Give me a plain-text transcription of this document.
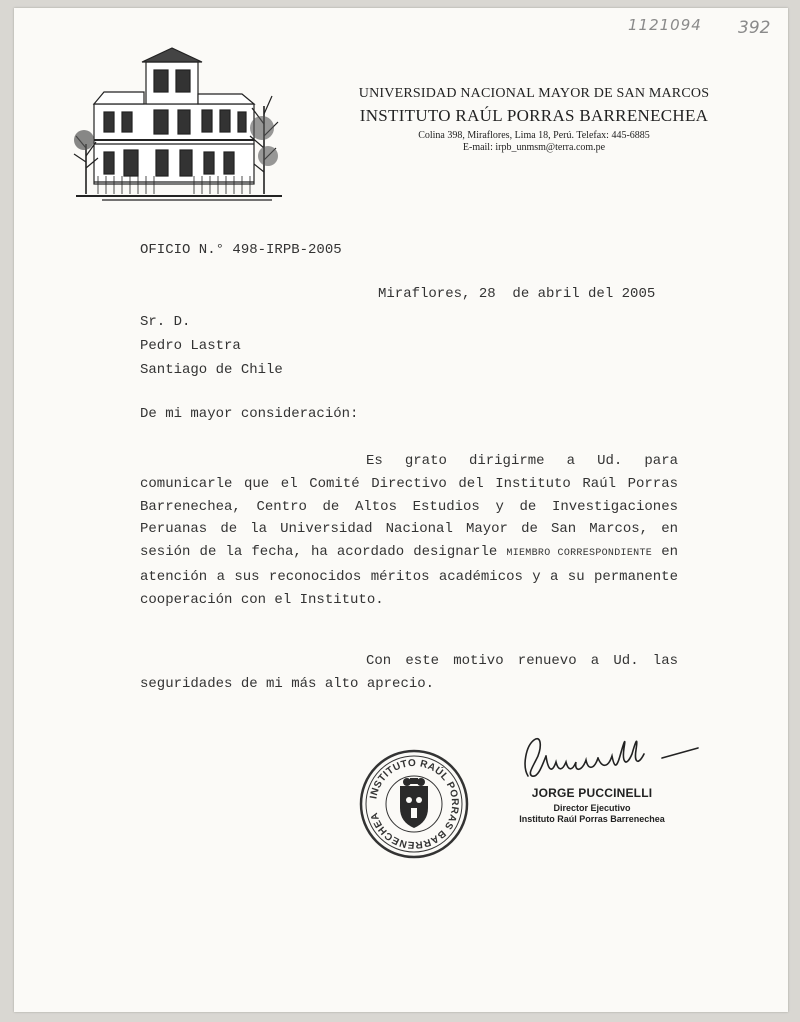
1121094 392
UNIVERSIDAD NACIONAL MAYOR DE SAN MARCOS
INSTITUTO RAÚL PORRAS BARRENECHEA
Colina 398, Miraflores, Lima 18, Perú. Telefax: 445-6885
E-mail: irpb_unmsm@terra.com.pe
OFICIO N.° 498-IRPB-2005
Miraflores, 28  de abril del 2005
Sr. D.
Pedro Lastra
Santiago de Chile
De mi mayor consideración:
Es grato dirigirme a Ud. para comunicarle que el Comité Directivo del Instituto Raúl Porras Barrenechea, Centro de Altos Estudios y de Investigaciones Peruanas de la Universidad Nacional Mayor de San Marcos, en sesión de la fecha, ha acordado designarle MIEMBRO CORRESPONDIENTE en atención a sus reconocidos méritos académicos y a su permanente cooperación con el Instituto.
Con este motivo renuevo a Ud. las seguridades de mi más alto aprecio.
INSTITUTO RAÚL PORRAS BARRENECHEA
JORGE PUCCINELLI
Director Ejecutivo
Instituto Raúl Porras Barrenechea
